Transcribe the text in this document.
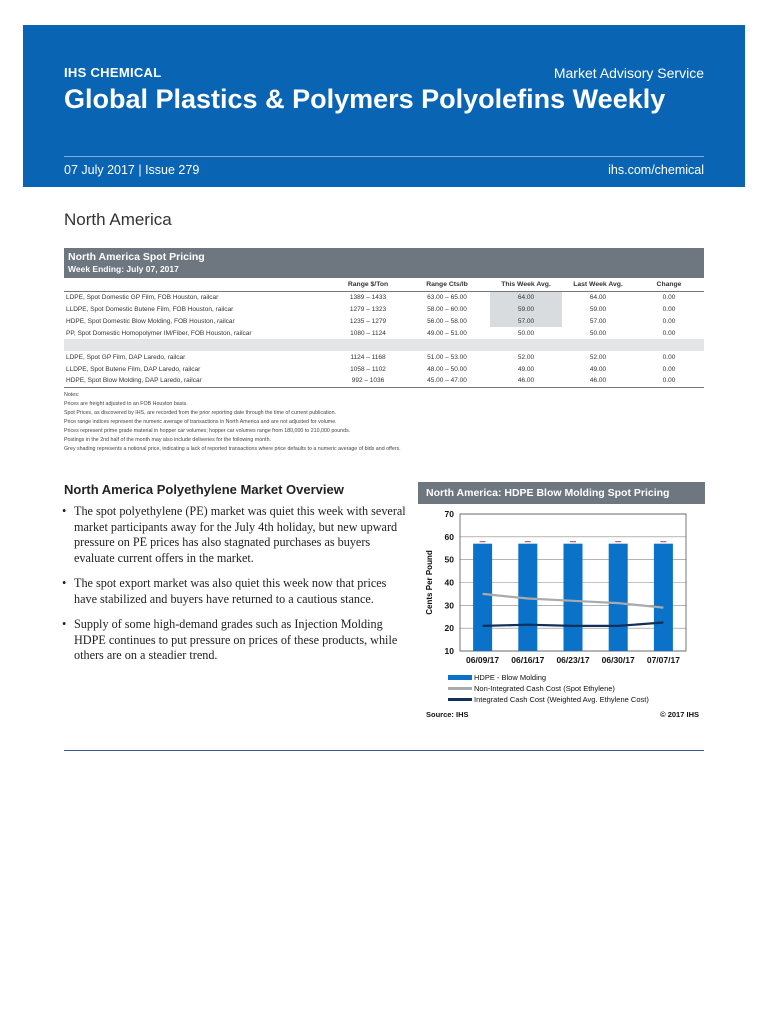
IHS CHEMICAL	Market Advisory Service
Global Plastics & Polymers Polyolefins Weekly
07 July 2017 | Issue 279	ihs.com/chemical
North America
North America Spot Pricing
Week Ending: July 07, 2017
	Range $/Ton	Range Cts/lb	This Week Avg.	Last Week Avg.	Change
LDPE, Spot Domestic GP Film, FOB Houston, railcar	1389 – 1433	63.00 – 65.00	64.00	64.00	0.00
LLDPE, Spot Domestic Butene Film, FOB Houston, railcar	1279 – 1323	58.00 – 60.00	59.00	59.00	0.00
HDPE, Spot Domestic Blow Molding, FOB Houston, railcar	1235 – 1279	56.00 – 58.00	57.00	57.00	0.00
PP, Spot Domestic Homopolymer IM/Fiber, FOB Houston, railcar	1080 – 1124	49.00 – 51.00	50.00	50.00	0.00

LDPE, Spot GP Film, DAP Laredo, railcar	1124 – 1168	51.00 – 53.00	52.00	52.00	0.00
LLDPE, Spot Butene Film, DAP Laredo, railcar	1058 – 1102	48.00 – 50.00	49.00	49.00	0.00
HDPE, Spot Blow Molding, DAP Laredo, railcar	992 – 1036	45.00 – 47.00	46.00	46.00	0.00
Notes:
Prices are freight adjusted to an FOB Houston basis.
Spot Prices, as discovered by IHS, are recorded from the prior reporting date through the time of current publication.
Price range indices represent the numeric average of transactions in North America and are not adjusted for volume.
Prices represent prime grade material in hopper car volumes; hopper car volumes range from 180,000 to 210,000 pounds.
Postings in the 2nd half of the month may also include deliveries for the following month.
Grey shading represents a notional price, indicating a lack of reported transactions where price defaults to a numeric average of bids and offers.
North America Polyethylene Market Overview
• The spot polyethylene (PE) market was quiet this week with several market participants away for the July 4th holiday, but new upward pressure on PE prices has also stagnated purchases as buyers evaluate current offers in the market.
• The spot export market was also quiet this week now that prices have stabilized and buyers have returned to a cautious stance.
• Supply of some high-demand grades such as Injection Molding HDPE continues to put pressure on prices of these products, while others are on a steadier trend.
North America: HDPE Blow Molding Spot Pricing
10
20
30
40
50
60
70
Cents Per Pound
06/09/17 06/16/17 06/23/17 06/30/17 07/07/17
HDPE - Blow Molding
Non-Integrated Cash Cost (Spot Ethylene)
Integrated Cash Cost (Weighted Avg. Ethylene Cost)
Source: IHS	© 2017 IHS
